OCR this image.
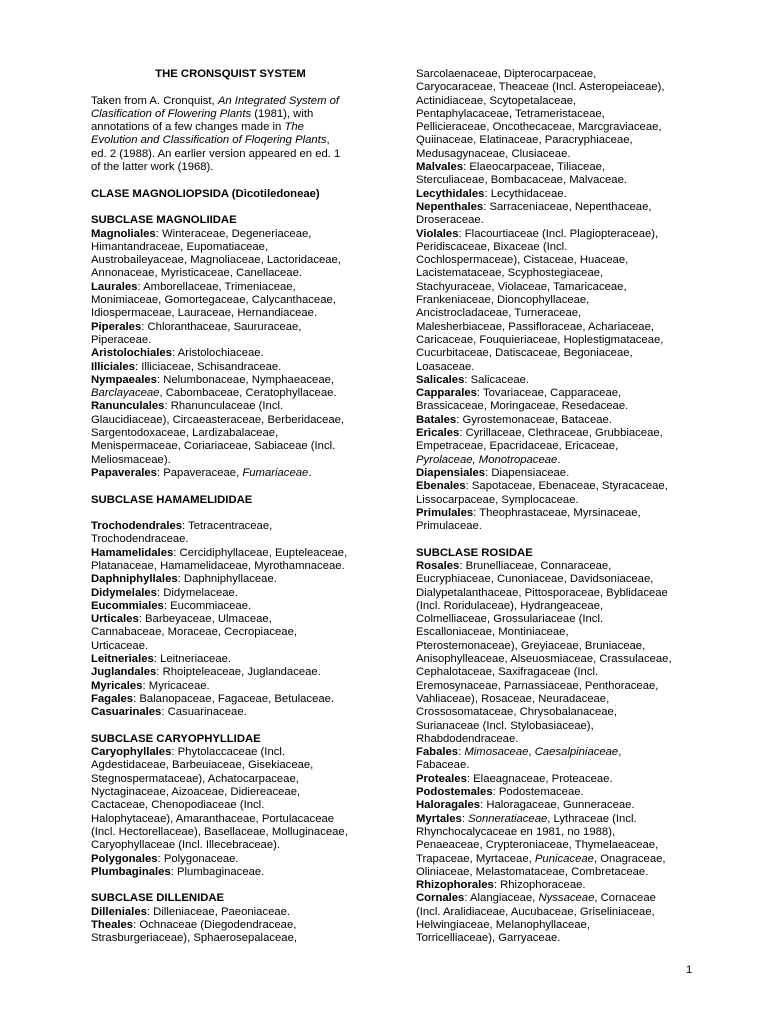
THE CRONSQUIST SYSTEM

Taken from A. Cronquist, An Integrated System of
Clasification of Flowering Plants (1981), with
annotations of a few changes made in The
Evolution and Classification of Floqering Plants,
ed. 2 (1988). An earlier version appeared en ed. 1
of the latter work (1968).

CLASE MAGNOLIOPSIDA (Dicotiledoneae)

SUBCLASE MAGNOLIIDAE

Magnoliales: Winteraceae, Degeneriaceae,
Himantandraceae, Eupomatiaceae,
Austrobaileyaceae, Magnoliaceae, Lactoridaceae,
Annonaceae, Myristicaceae, Canellaceae.

Laurales: Amborellaceae, Trimeniaceae,
Monimiaceae, Gomortegaceae, Calycanthaceae,
Idiospermaceae, Lauraceae, Hernandiaceae.

Piperales: Chloranthaceae, Saururaceae,
Piperaceae.

Aristolochiales: Aristolochiaceae.

Illiciales: Illiciaceae, Schisandraceae.

Nympaeales: Nelumbonaceae, Nymphaeaceae,
Barclayaceae, Cabombaceae, Ceratophyllaceae.

Ranunculales: Rhanunculaceae (Incl.
Glaucidiaceae), Circaeasteraceae, Berberidaceae,
Sargentodoxaceae, Lardizabalaceae,
Menispermaceae, Coriariaceae, Sabiaceae (Incl.
Meliosmaceae).

Papaverales: Papaveraceae, Fumariaceae.

SUBCLASE HAMAMELIDIDAE

Trochodendrales: Tetracentraceae,
Trochodendraceae.

Hamamelidales: Cercidiphyllaceae, Eupteleaceae,
Platanaceae, Hamamelidaceae, Myrothamnaceae.

Daphniphyllales: Daphniphyllaceae.

Didymelales: Didymelaceae.

Eucommiales: Eucommiaceae.

Urticales: Barbeyaceae, Ulmaceae,
Cannabaceae, Moraceae, Cecropiaceae,
Urticaceae.

Leitneriales: Leitneriaceae.

Juglandales: Rhoipteleaceae, Juglandaceae.

Myricales: Myricaceae.

Fagales: Balanopaceae, Fagaceae, Betulaceae.

Casuarinales: Casuarinaceae.

SUBCLASE CARYOPHYLLIDAE

Caryophyllales: Phytolaccaceae (Incl.
Agdestidaceae, Barbeuiaceae, Gisekiaceae,
Stegnospermataceae), Achatocarpaceae,
Nyctaginaceae, Aizoaceae, Didiereaceae,
Cactaceae, Chenopodiaceae (Incl.
Halophytaceae), Amaranthaceae, Portulacaceae
(Incl. Hectorellaceae), Basellaceae, Molluginaceae,
Caryophyllaceae (Incl. Illecebraceae).

Polygonales: Polygonaceae.

Plumbaginales: Plumbaginaceae.

SUBCLASE DILLENIDAE

Dilleniales: Dilleniaceae, Paeoniaceae.

Theales: Ochnaceae (Diegodendraceae,
Strasburgeriaceae), Sphaerosepalaceae,

Sarcolaenaceae, Dipterocarpaceae,
Caryocaraceae, Theaceae (Incl. Asteropeiaceae),
Actinidiaceae, Scytopetalaceae,
Pentaphylacaceae, Tetrameristaceae,
Pellicieraceae, Oncothecaceae, Marcgraviaceae,
Quiinaceae, Elatinaceae, Paracryphiaceae,
Medusagynaceae, Clusiaceae.

Malvales: Elaeocarpaceae, Tiliaceae,
Sterculiaceae, Bombacaceae, Malvaceae.

Lecythidales: Lecythidaceae.

Nepenthales: Sarraceniaceae, Nepenthaceae,
Droseraceae.

Violales: Flacourtiaceae (Incl. Plagiopteraceae),
Peridiscaceae, Bixaceae (Incl.
Cochlospermaceae), Cistaceae, Huaceae,
Lacistemataceae, Scyphostegiaceae,
Stachyuraceae, Violaceae, Tamaricaceae,
Frankeniaceae, Dioncophyllaceae,
Ancistrocladaceae, Turneraceae,
Malesherbiaceae, Passifloraceae, Achariaceae,
Caricaceae, Fouquieriaceae, Hoplestigmataceae,
Cucurbitaceae, Datiscaceae, Begoniaceae,
Loasaceae.

Salicales: Salicaceae.

Capparales: Tovariaceae, Capparaceae,
Brassicaceae, Moringaceae, Resedaceae.

Batales: Gyrostemonaceae, Bataceae.

Ericales: Cyrillaceae, Clethraceae, Grubbiaceae,
Empetraceae, Epacridaceae, Ericaceae,
Pyrolaceae, Monotropaceae.

Diapensiales: Diapensiaceae.

Ebenales: Sapotaceae, Ebenaceae, Styracaceae,
Lissocarpaceae, Symplocaceae.

Primulales: Theophrastaceae, Myrsinaceae,
Primulaceae.

SUBCLASE ROSIDAE

Rosales: Brunelliaceae, Connaraceae,
Eucryphiaceae, Cunoniaceae, Davidsoniaceae,
Dialypetalanthaceae, Pittosporaceae, Byblidaceae
(Incl. Roridulaceae), Hydrangeaceae,
Colmelliaceae, Grossulariaceae (Incl.
Escalloniaceae, Montiniaceae,
Pterostemonaceae), Greyiaceae, Bruniaceae,
Anisophylleaceae, Alseuosmiaceae, Crassulaceae,
Cephalotaceae, Saxifragaceae (Incl.
Eremosynaceae, Parnassiaceae, Penthoraceae,
Vahliaceae), Rosaceae, Neuradaceae,
Crossosomataceae, Chrysobalanaceae,
Surianaceae (Incl. Stylobasiaceae),
Rhabdodendraceae.

Fabales: Mimosaceae, Caesalpiniaceae,
Fabaceae.

Proteales: Elaeagnaceae, Proteaceae.

Podostemales: Podostemaceae.

Haloragales: Haloragaceae, Gunneraceae.

Myrtales: Sonneratiaceae, Lythraceae (Incl.
Rhynchocalycaceae en 1981, no 1988),
Penaeaceae, Crypteroniaceae, Thymelaeaceae,
Trapaceae, Myrtaceae, Punicaceae, Onagraceae,
Oliniaceae, Melastomataceae, Combretaceae.

Rhizophorales: Rhizophoraceae.

Cornales: Alangiaceae, Nyssaceae, Cornaceae
(Incl. Aralidiaceae, Aucubaceae, Griseliniaceae,
Helwingiaceae, Melanophyllaceae,
Torricelliaceae), Garryaceae.

1
